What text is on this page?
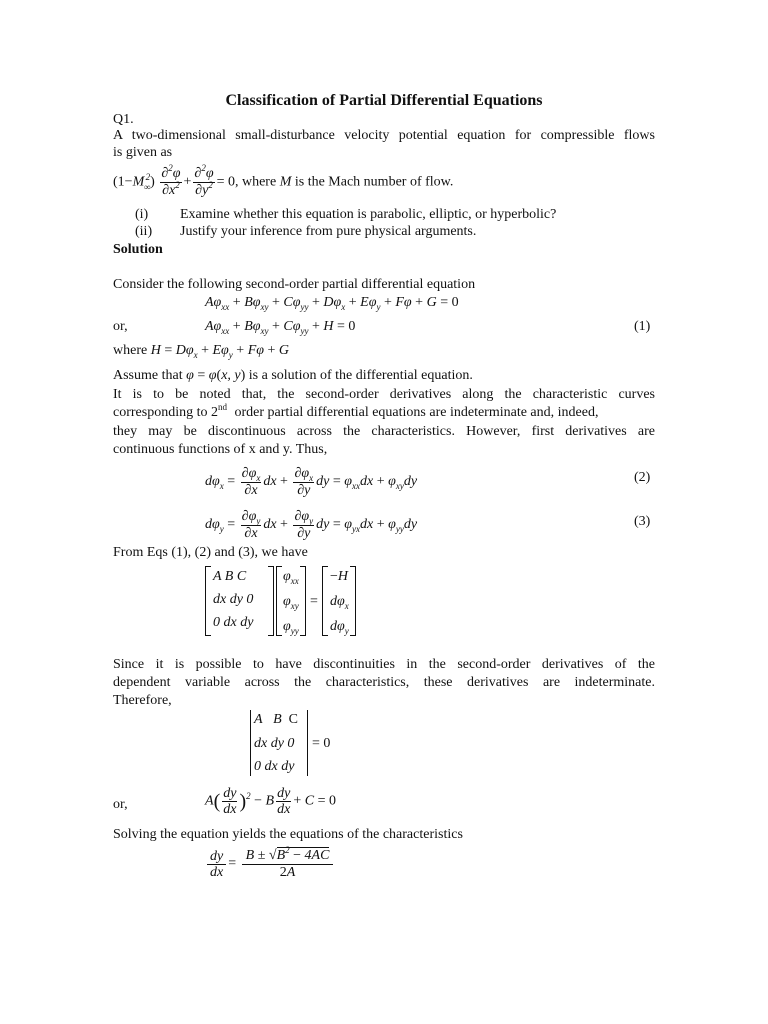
Classification of Partial Differential Equations
Q1.
A two-dimensional small-disturbance velocity potential equation for compressible flows
is given as
$(1-M_\infty^2) \frac{\partial^2\varphi}{\partial x^2} + \frac{\partial^2\varphi}{\partial y^2} = 0$, where M is the Mach number of flow.
(i) Examine whether this equation is parabolic, elliptic, or hyperbolic?
(ii) Justify your inference from pure physical arguments.
Solution
Consider the following second-order partial differential equation
$A\varphi_{xx} + B\varphi_{xy} + C\varphi_{yy} + D\varphi_x + E\varphi_y + F\varphi + G = 0$
or,	$A\varphi_{xx} + B\varphi_{xy} + C\varphi_{yy} + H = 0$	(1)
where $H = D\varphi_x + E\varphi_y + F\varphi + G$
Assume that φ = φ(x, y) is a solution of the differential equation.
It is to be noted that, the second-order derivatives along the characteristic curves
corresponding to 2nd order partial differential equations are indeterminate and, indeed,
they may be discontinuous across the characteristics. However, first derivatives are
continuous functions of x and y. Thus,
$d\varphi_x = \frac{\partial\varphi_x}{\partial x}$ dx + $\frac{\partial\varphi_x}{\partial y}$ dy = $\varphi_{xx}dx + \varphi_{xy}dy$	(2)
$d\varphi_y = \frac{\partial\varphi_y}{\partial x}$ dx + $\frac{\partial\varphi_y}{\partial y}$ dy = $\varphi_{yx}dx + \varphi_{yy}dy$	(3)
From Eqs (1), (2) and (3), we have
A B C
dx dy 0
0 dx dy
$\varphi_{xx}$
$\varphi_{xy}$
$\varphi_{yy}$
=
−H
$d\varphi_x$
$d\varphi_y$
Since it is possible to have discontinuities in the second-order derivatives of the
dependent variable across the characteristics, these derivatives are indeterminate.
Therefore,
A B C
dx dy 0
0 dx dy
= 0
or,	$A( \frac{dy}{dx} )^2 - B \frac{dy}{dx} + C = 0$
Solving the equation yields the equations of the characteristics
$\frac{dy}{dx} = \frac{B \pm √B^2 - 4AC}{2A}$
